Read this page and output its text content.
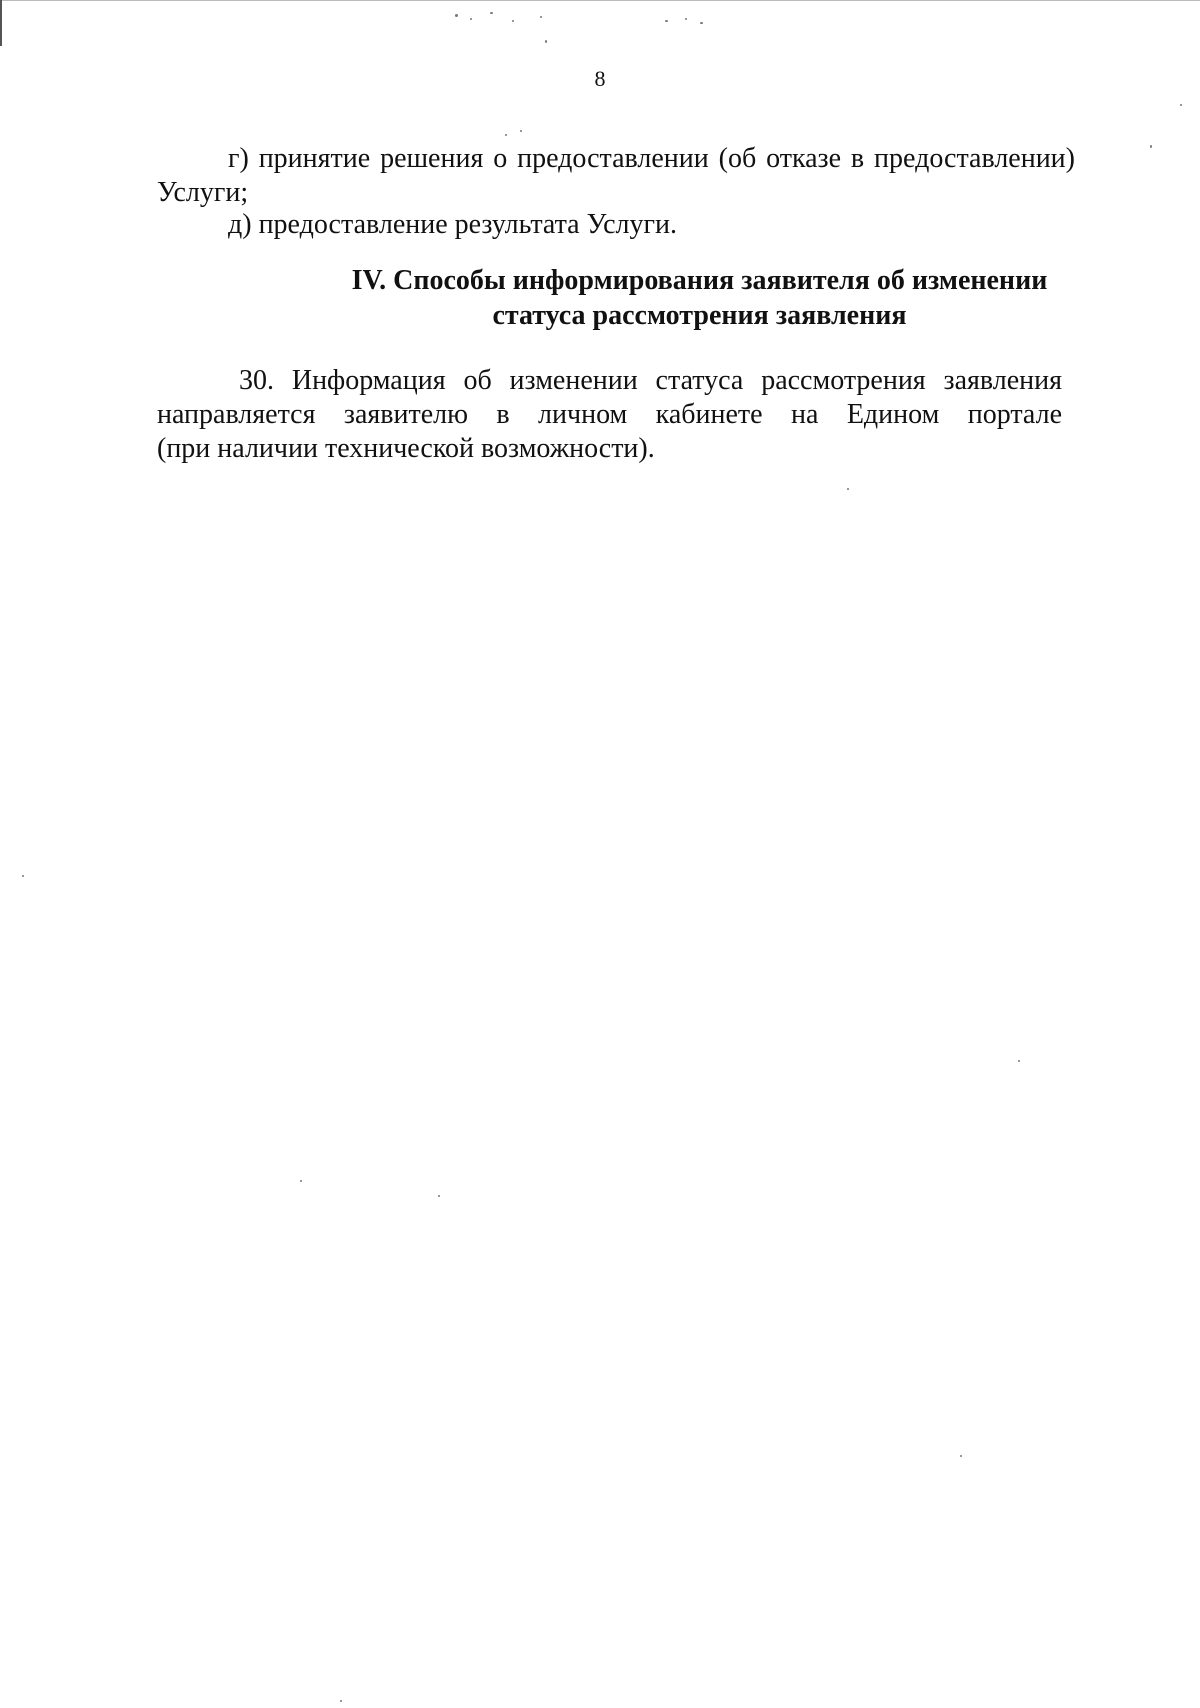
8
г) принятие решения о предоставлении (об отказе в предоставлении) Услуги;
д) предоставление результата Услуги.
IV. Способы информирования заявителя об изменении
статуса рассмотрения заявления
30. Информация об изменении статуса рассмотрения заявления
направляется заявителю в личном кабинете на Едином портале
(при наличии технической возможности).
